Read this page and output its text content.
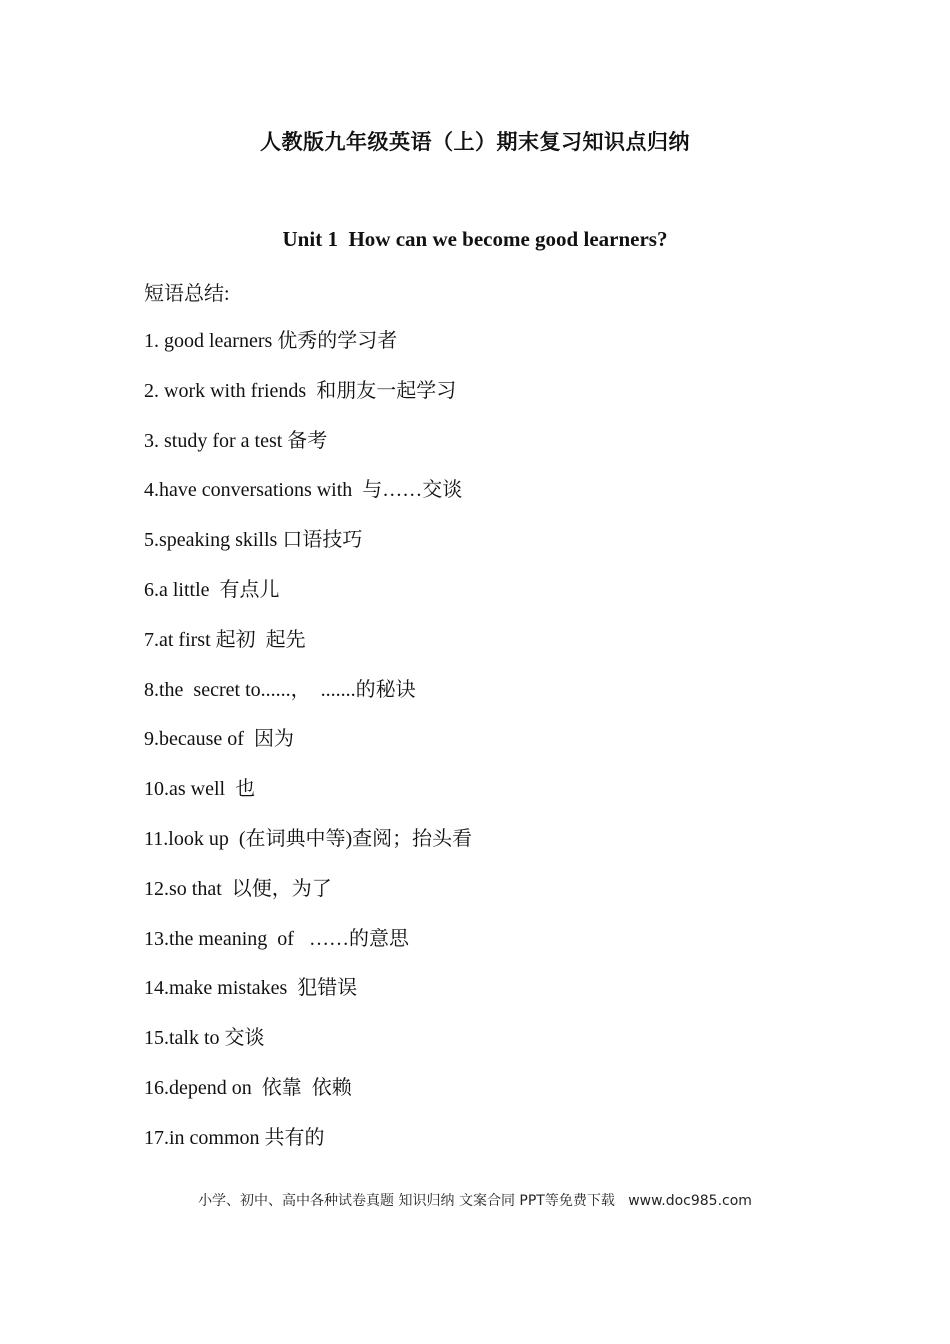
人教版九年级英语（上）期末复习知识点归纳
Unit 1  How can we become good learners?
短语总结:
1. good learners 优秀的学习者
2. work with friends  和朋友一起学习
3. study for a test 备考
4.have conversations with  与……交谈
5.speaking skills 口语技巧
6.a little  有点儿
7.at first 起初  起先
8.the  secret to......，  .......的秘诀
9.because of  因为
10.as well  也
11.look up  (在词典中等)查阅；抬头看
12.so that  以便，为了
13.the meaning  of   ……的意思
14.make mistakes  犯错误
15.talk to 交谈
16.depend on  依靠  依赖
17.in common 共有的
小学、初中、高中各种试卷真题 知识归纳 文案合同 PPT等免费下载   www.doc985.com
